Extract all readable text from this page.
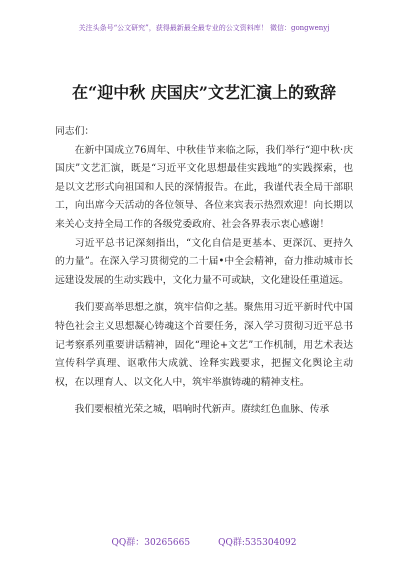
关注头条号“公文研究”，获得最新最全最专业的公文资料库！ 微信：gongwenyj
在“迎中秋 庆国庆”文艺汇演上的致辞

同志们：

在新中国成立76周年、中秋佳节来临之际，我们举行“迎中秋·庆国庆”文艺汇演，既是“习近平文化思想最佳实践地”的实践探索，也是以文艺形式向祖国和人民的深情报告。在此，我谨代表全局干部职工，向出席今天活动的各位领导、各位来宾表示热烈欢迎！向长期以来关心支持全局工作的各级党委政府、社会各界表示衷心感谢！

习近平总书记深刻指出，“文化自信是更基本、更深沉、更持久的力量”。在深入学习贯彻党的二十届•中全会精神，奋力推动城市长远建设发展的生动实践中，文化力量不可或缺，文化建设任重道远。

我们要高举思想之旗，筑牢信仰之基。聚焦用习近平新时代中国特色社会主义思想凝心铸魂这个首要任务，深入学习贯彻习近平总书记考察系列重要讲话精神，固化“理论+文艺”工作机制，用艺术表达宣传科学真理、讴歌伟大成就、诠释实践要求，把握文化舆论主动权，在以理育人、以文化人中，筑牢举旗铸魂的精神支柱。

我们要根植光荣之城，唱响时代新声。赓续红色血脉、传承

QQ群：30265665	QQ群:535304092
